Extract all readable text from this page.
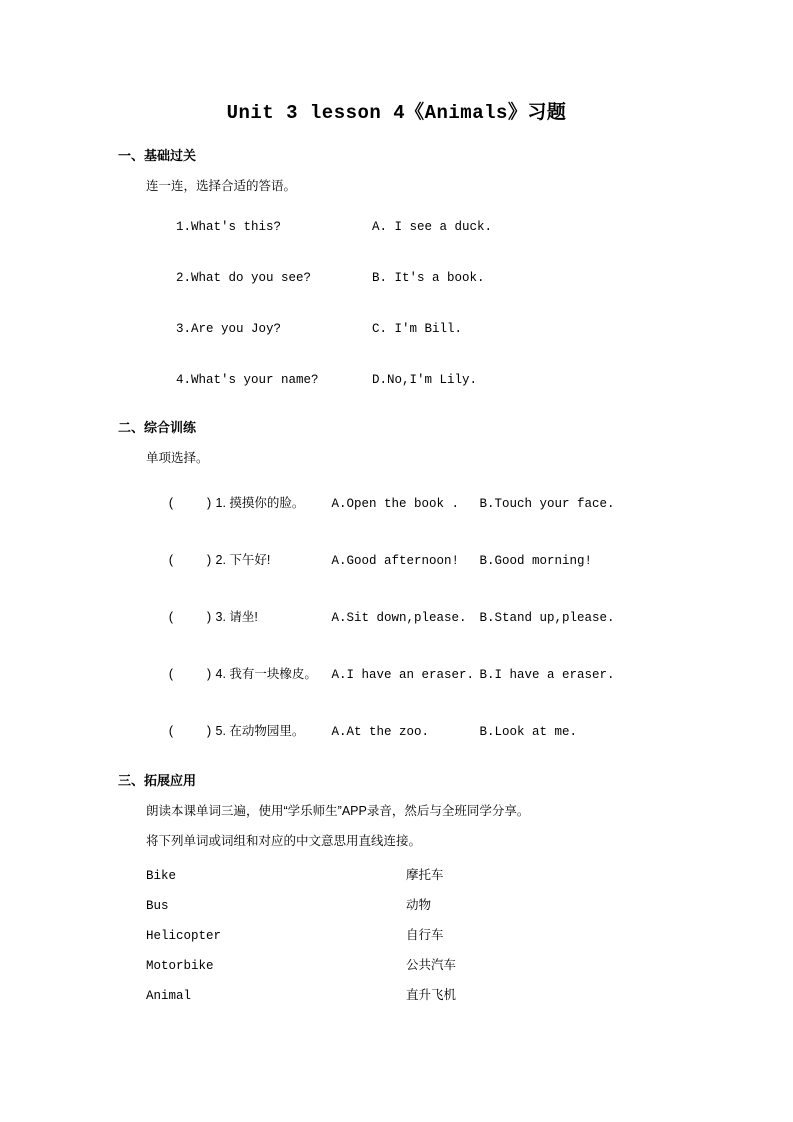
Unit 3 lesson 4《Animals》习题

一、基础过关

连一连，选择合适的答语。

1.What's this?	A. I see a duck.

2.What do you see?	B. It's a book.

3.Are you Joy?	C. I'm Bill.

4.What's your name?	D.No,I'm Lily.

二、综合训练

单项选择。

(    ) 1. 摸摸你的脸。 A.Open the book . B.Touch your face.

(    ) 2. 下午好!	A.Good afternoon! B.Good morning!

(    ) 3. 请坐!	A.Sit down,please. B.Stand up,please.

(    ) 4. 我有一块橡皮。 A.I have an eraser. B.I have a eraser.

(    ) 5. 在动物园里。 A.At the zoo.	B.Look at me.

三、拓展应用

朗读本课单词三遍，使用“学乐师生”APP录音，然后与全班同学分享。

将下列单词或词组和对应的中文意思用直线连接。

Bike	摩托车
Bus	动物
Helicopter	自行车
Motorbike	公共汽车
Animal	直升飞机
